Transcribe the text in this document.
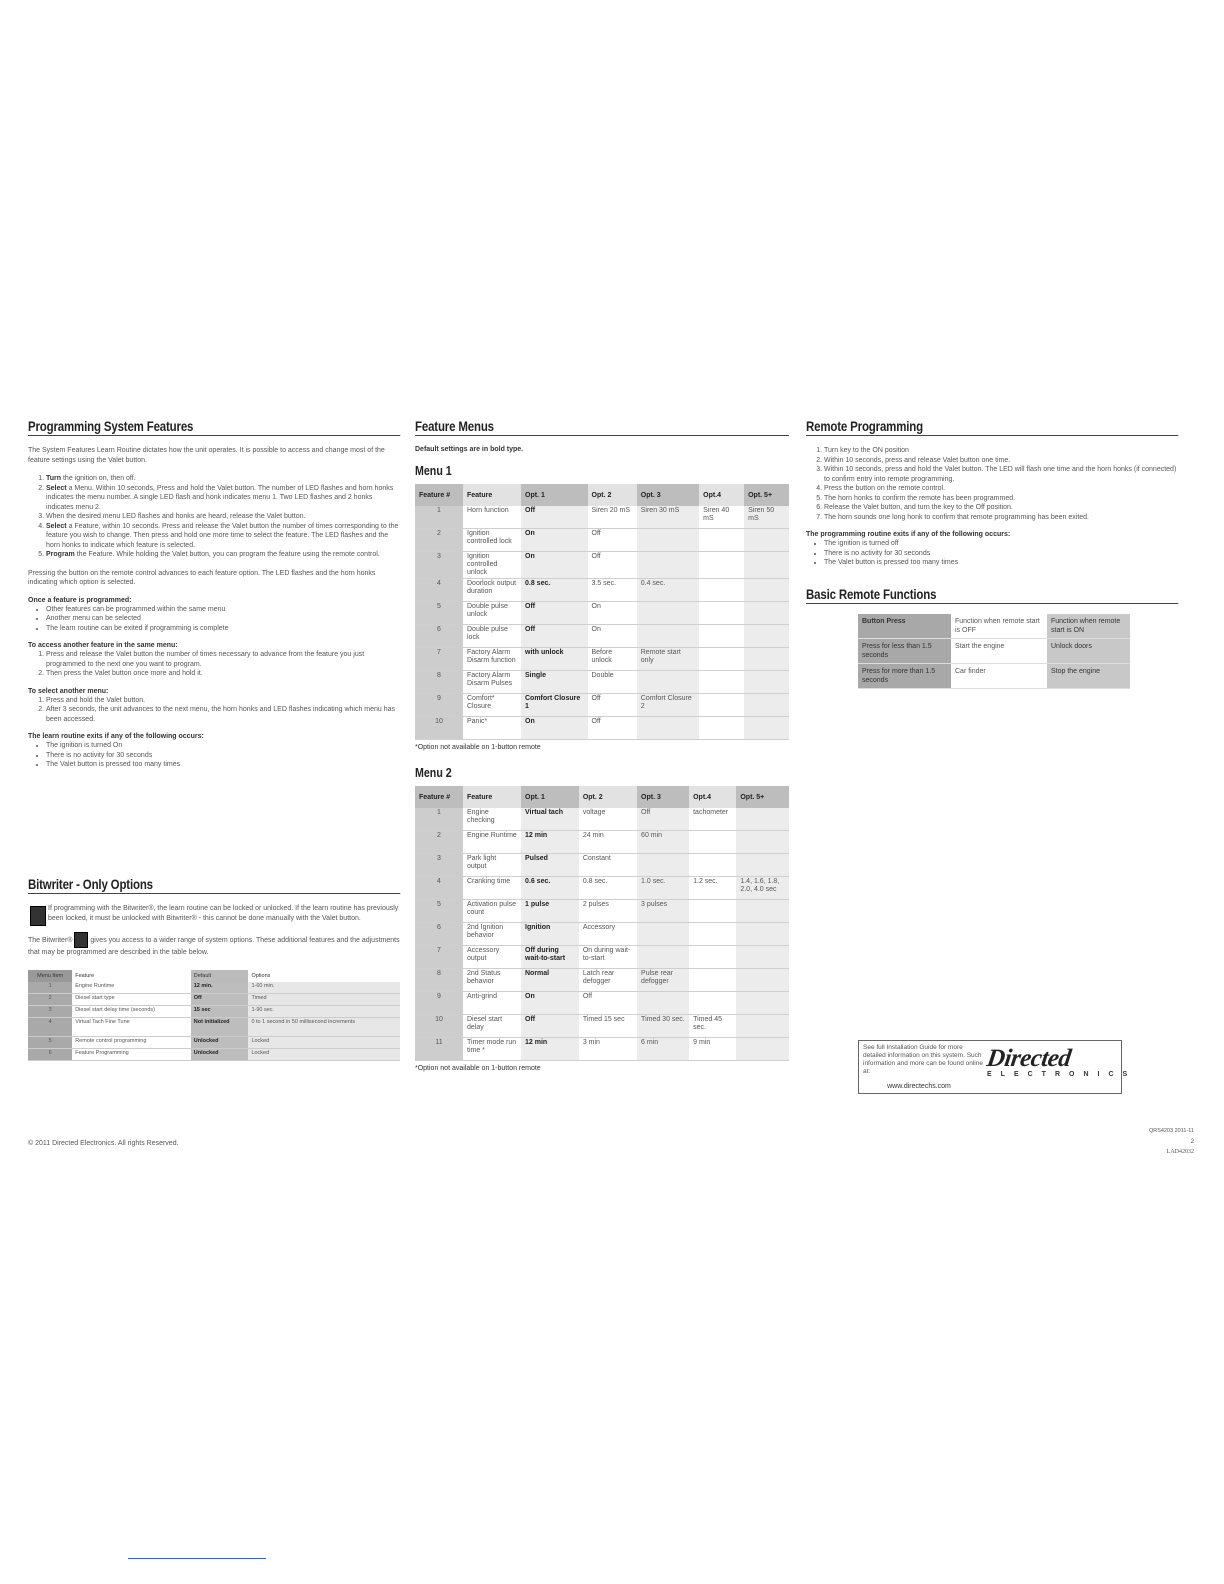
Programming System Features

The System Features Learn Routine dictates how the unit operates. It is possible to access and change most of the feature settings using the Valet button.

1. Turn the ignition on, then off.
2. Select a Menu. Within 10 seconds, Press and hold the Valet button. The number of LED flashes and horn honks indicates the menu number. A single LED flash and honk indicates menu 1. Two LED flashes and 2 honks indicates menu 2.
3. When the desired menu LED flashes and honks are heard, release the Valet button.
4. Select a Feature, within 10 seconds. Press and release the Valet button the number of times corresponding to the feature you wish to change. Then press and hold one more time to select the feature. The LED flashes and the horn honks to indicate which feature is selected.
5. Program the Feature. While holding the Valet button, you can program the feature using the remote control.

Pressing the button on the remote control advances to each feature option. The LED flashes and the horn honks indicating which option is selected.

Once a feature is programmed:
• Other features can be programmed within the same menu
• Another menu can be selected
• The learn routine can be exited if programming is complete
To access another feature in the same menu:
1. Press and release the Valet button the number of times necessary to advance from the feature you just programmed to the next one you want to program.
2. Then press the Valet button once more and hold it.
To select another menu:
1. Press and hold the Valet button.
2. After 3 seconds, the unit advances to the next menu, the horn honks and LED flashes indicating which menu has been accessed.
The learn routine exits if any of the following occurs:
• The ignition is turned On
• There is no activity for 30 seconds
• The Valet button is pressed too many times
Bitwriter - Only Options

If programming with the Bitwriter®, the learn routine can be locked or unlocked. If the learn routine has previously been locked, it must be unlocked with Bitwriter® - this cannot be done manually with the Valet button.

The Bitwriter®	gives you access to a wider range of system options. These additional features and the adjustments that may be programmed are described in the table below.

Menu Item	Feature	Default	Options
1	Engine Runtime	12 min.	1-60 min.
2	Diesel start type	Off	Timed
3	Diesel start delay time (seconds)	15 sec	1-90 sec.
4	Virtual Tach Fine Tune	Not initialized	0 to 1 second in 50 millisecond increments
5	Remote control programming	Unlocked	Locked
6	Feature Programming	Unlocked	Locked
Feature Menus
Default settings are in bold type.
Menu 1
Feature #	Feature	Opt. 1	Opt. 2	Opt. 3	Opt.4	Opt. 5+
1	Horn function	Off	Siren 20 mS	Siren 30 mS	Siren 40 mS	Siren 50 mS
2	Ignition controlled lock	On	Off			
3	Ignition controlled unlock	On	Off			
4	Doorlock output duration	0.8 sec.	3.5 sec.	0.4 sec.		
5	Double pulse unlock	Off	On			
6	Double pulse lock	Off	On			
7	Factory Alarm Disarm function	with unlock	Before unlock	Remote start only		
8	Factory Alarm Disarm Pulses	Single	Double			
9	Comfort* Closure	Comfort Closure 1	Off	Comfort Closure 2		
10	Panic*	On	Off			
*Option not available on 1-button remote
Menu 2
Feature #	Feature	Opt. 1	Opt. 2	Opt. 3	Opt.4	Opt. 5+
1	Engine checking	Virtual tach	voltage	Off	tachometer	
2	Engine Runtime	12 min	24 min	60 min		
3	Park light output	Pulsed	Constant			
4	Cranking time	0.6 sec.	0.8 sec.	1.0 sec.	1.2 sec.	1.4, 1.6, 1.8, 2.0, 4.0 sec
5	Activation pulse count	1 pulse	2 pulses	3 pulses		
6	2nd Ignition behavior	Ignition	Accessory			
7	Accessory output	Off during wait-to-start	On during wait-to-start			
8	2nd Status behavior	Normal	Latch rear defogger	Pulse rear defogger		
9	Anti-grind	On	Off			
10	Diesel start delay	Off	Timed 15 sec	Timed 30 sec.	Timed 45 sec.	
11	Timer mode run time *	12 min	3 min	6 min	9 min	
*Option not available on 1-button remote
Remote Programming
1. Turn key to the ON position
2. Within 10 seconds, press and release Valet button one time.
3. Within 10 seconds, press and hold the Valet button. The LED will flash one time and the horn honks (if connected) to confirm entry into remote programming.
4. Press the button on the remote control.
5. The horn honks to confirm the remote has been programmed.
6. Release the Valet button, and turn the key to the Off position.
7. The horn sounds one long honk to confirm that remote programming has been exited.
The programming routine exits if any of the following occurs:
• The ignition is turned off
• There is no activity for 30 seconds
• The Valet button is pressed too many times
Basic Remote Functions
Button Press	Function when remote start is OFF	Function when remote start is ON
Press for less than 1.5 seconds	Start the engine	Unlock doors
Press for more than 1.5 seconds	Car finder	Stop the engine
See full Installation Guide for more detailed information on this system. Such information and more can be found online at:
www.directechs.com
Directed
ELECTRONICS
© 2011 Directed Electronics. All rights Reserved.
QRS4203 2011-11
2
LAD42032
